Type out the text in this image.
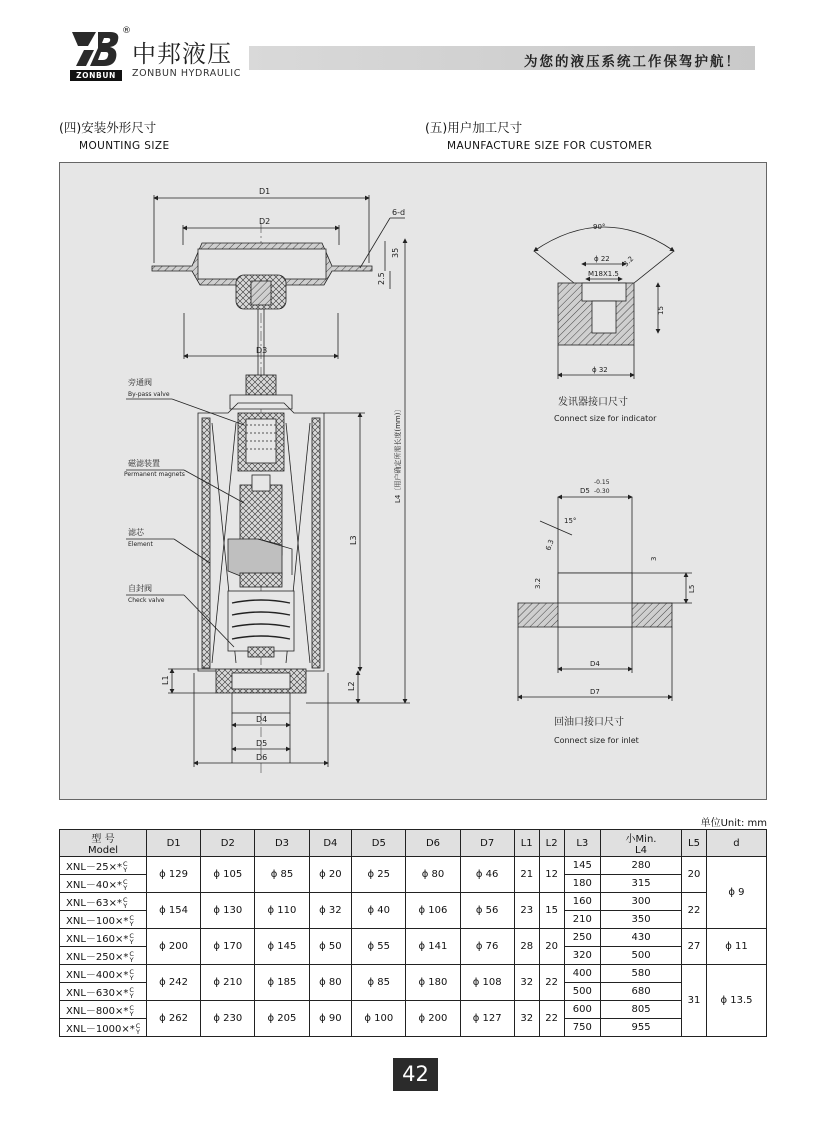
®
ZONBUN
中邦液压
ZONBUN HYDRAULIC
为您的液压系统工作保驾护航！
(四)安装外形尺寸
MOUNTING SIZE
(五)用户加工尺寸
MAUNFACTURE SIZE FOR CUSTOMER
D1
D2
6-d
35
2.5
D3
L4〔用户确定所需长度(mm)〕
L3
L2
L1
D4
D5
D6
旁通阀
By-pass valve
磁滤装置
Permanent magnets
滤芯
Element
自封阀
Check valve
90°
ϕ 22
M18X1.5
15
ϕ 32
3.2
发讯器接口尺寸
Connect size for indicator
D5
-0.15
-0.30
15°
6.3
3.2
3
L5
D4
D7
回油口接口尺寸
Connect size for inlet
单位Unit: mm
型 号
Model	D1	D2	D3	D4	D5	D6	D7	L1	L2	L3	小Min.
L4	L5	d
XNL－25×*C
Y	ϕ 129	ϕ 105	ϕ 85	ϕ 20	ϕ 25	ϕ 80	ϕ 46	21	12	145	280	20	ϕ 9
XNL－40×*C
Y										180	315		
XNL－63×*C
Y	ϕ 154	ϕ 130	ϕ 110	ϕ 32	ϕ 40	ϕ 106	ϕ 56	23	15	160	300	22	
XNL－100×*C
Y										210	350		
XNL－160×*C
Y	ϕ 200	ϕ 170	ϕ 145	ϕ 50	ϕ 55	ϕ 141	ϕ 76	28	20	250	430	27	ϕ 11
XNL－250×*C
Y										320	500		
XNL－400×*C
Y	ϕ 242	ϕ 210	ϕ 185	ϕ 80	ϕ 85	ϕ 180	ϕ 108	32	22	400	580	31	ϕ 13.5
XNL－630×*C
Y										500	680		
XNL－800×*C
Y	ϕ 262	ϕ 230	ϕ 205	ϕ 90	ϕ 100	ϕ 200	ϕ 127	32	22	600	805		
XNL－1000×*C
Y										750	955		
42
